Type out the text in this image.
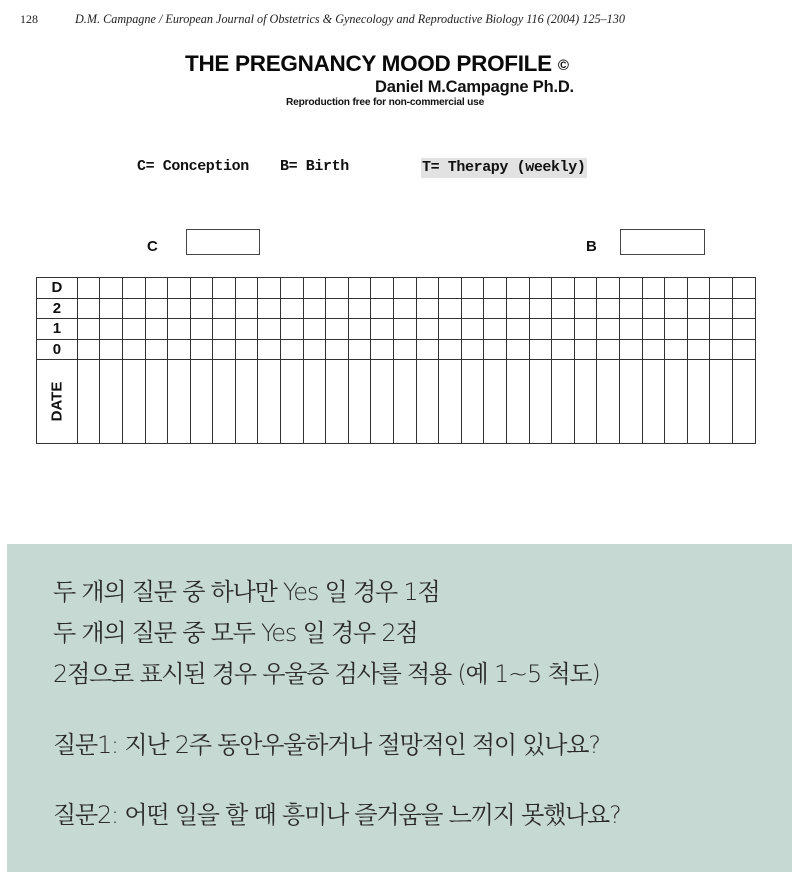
128	D.M. Campagne / European Journal of Obstetrics & Gynecology and Reproductive Biology 116 (2004) 125–130
THE PREGNANCY MOOD PROFILE ©
Daniel M.Campagne Ph.D.
Reproduction free for non-commercial use
C= Conception B= Birth	T= Therapy (weekly)
C	B
D																														
2																														
1																														
0																														
DATE																														
두 개의 질문 중 하나만 Yes 일 경우 1점
두 개의 질문 중 모두 Yes 일 경우 2점
2점으로 표시된 경우 우울증 검사를 적용 (예 1~5 척도)
질문1: 지난 2주 동안우울하거나 절망적인 적이 있나요?
질문2: 어떤 일을 할 때 흥미나 즐거움을 느끼지 못했나요?
